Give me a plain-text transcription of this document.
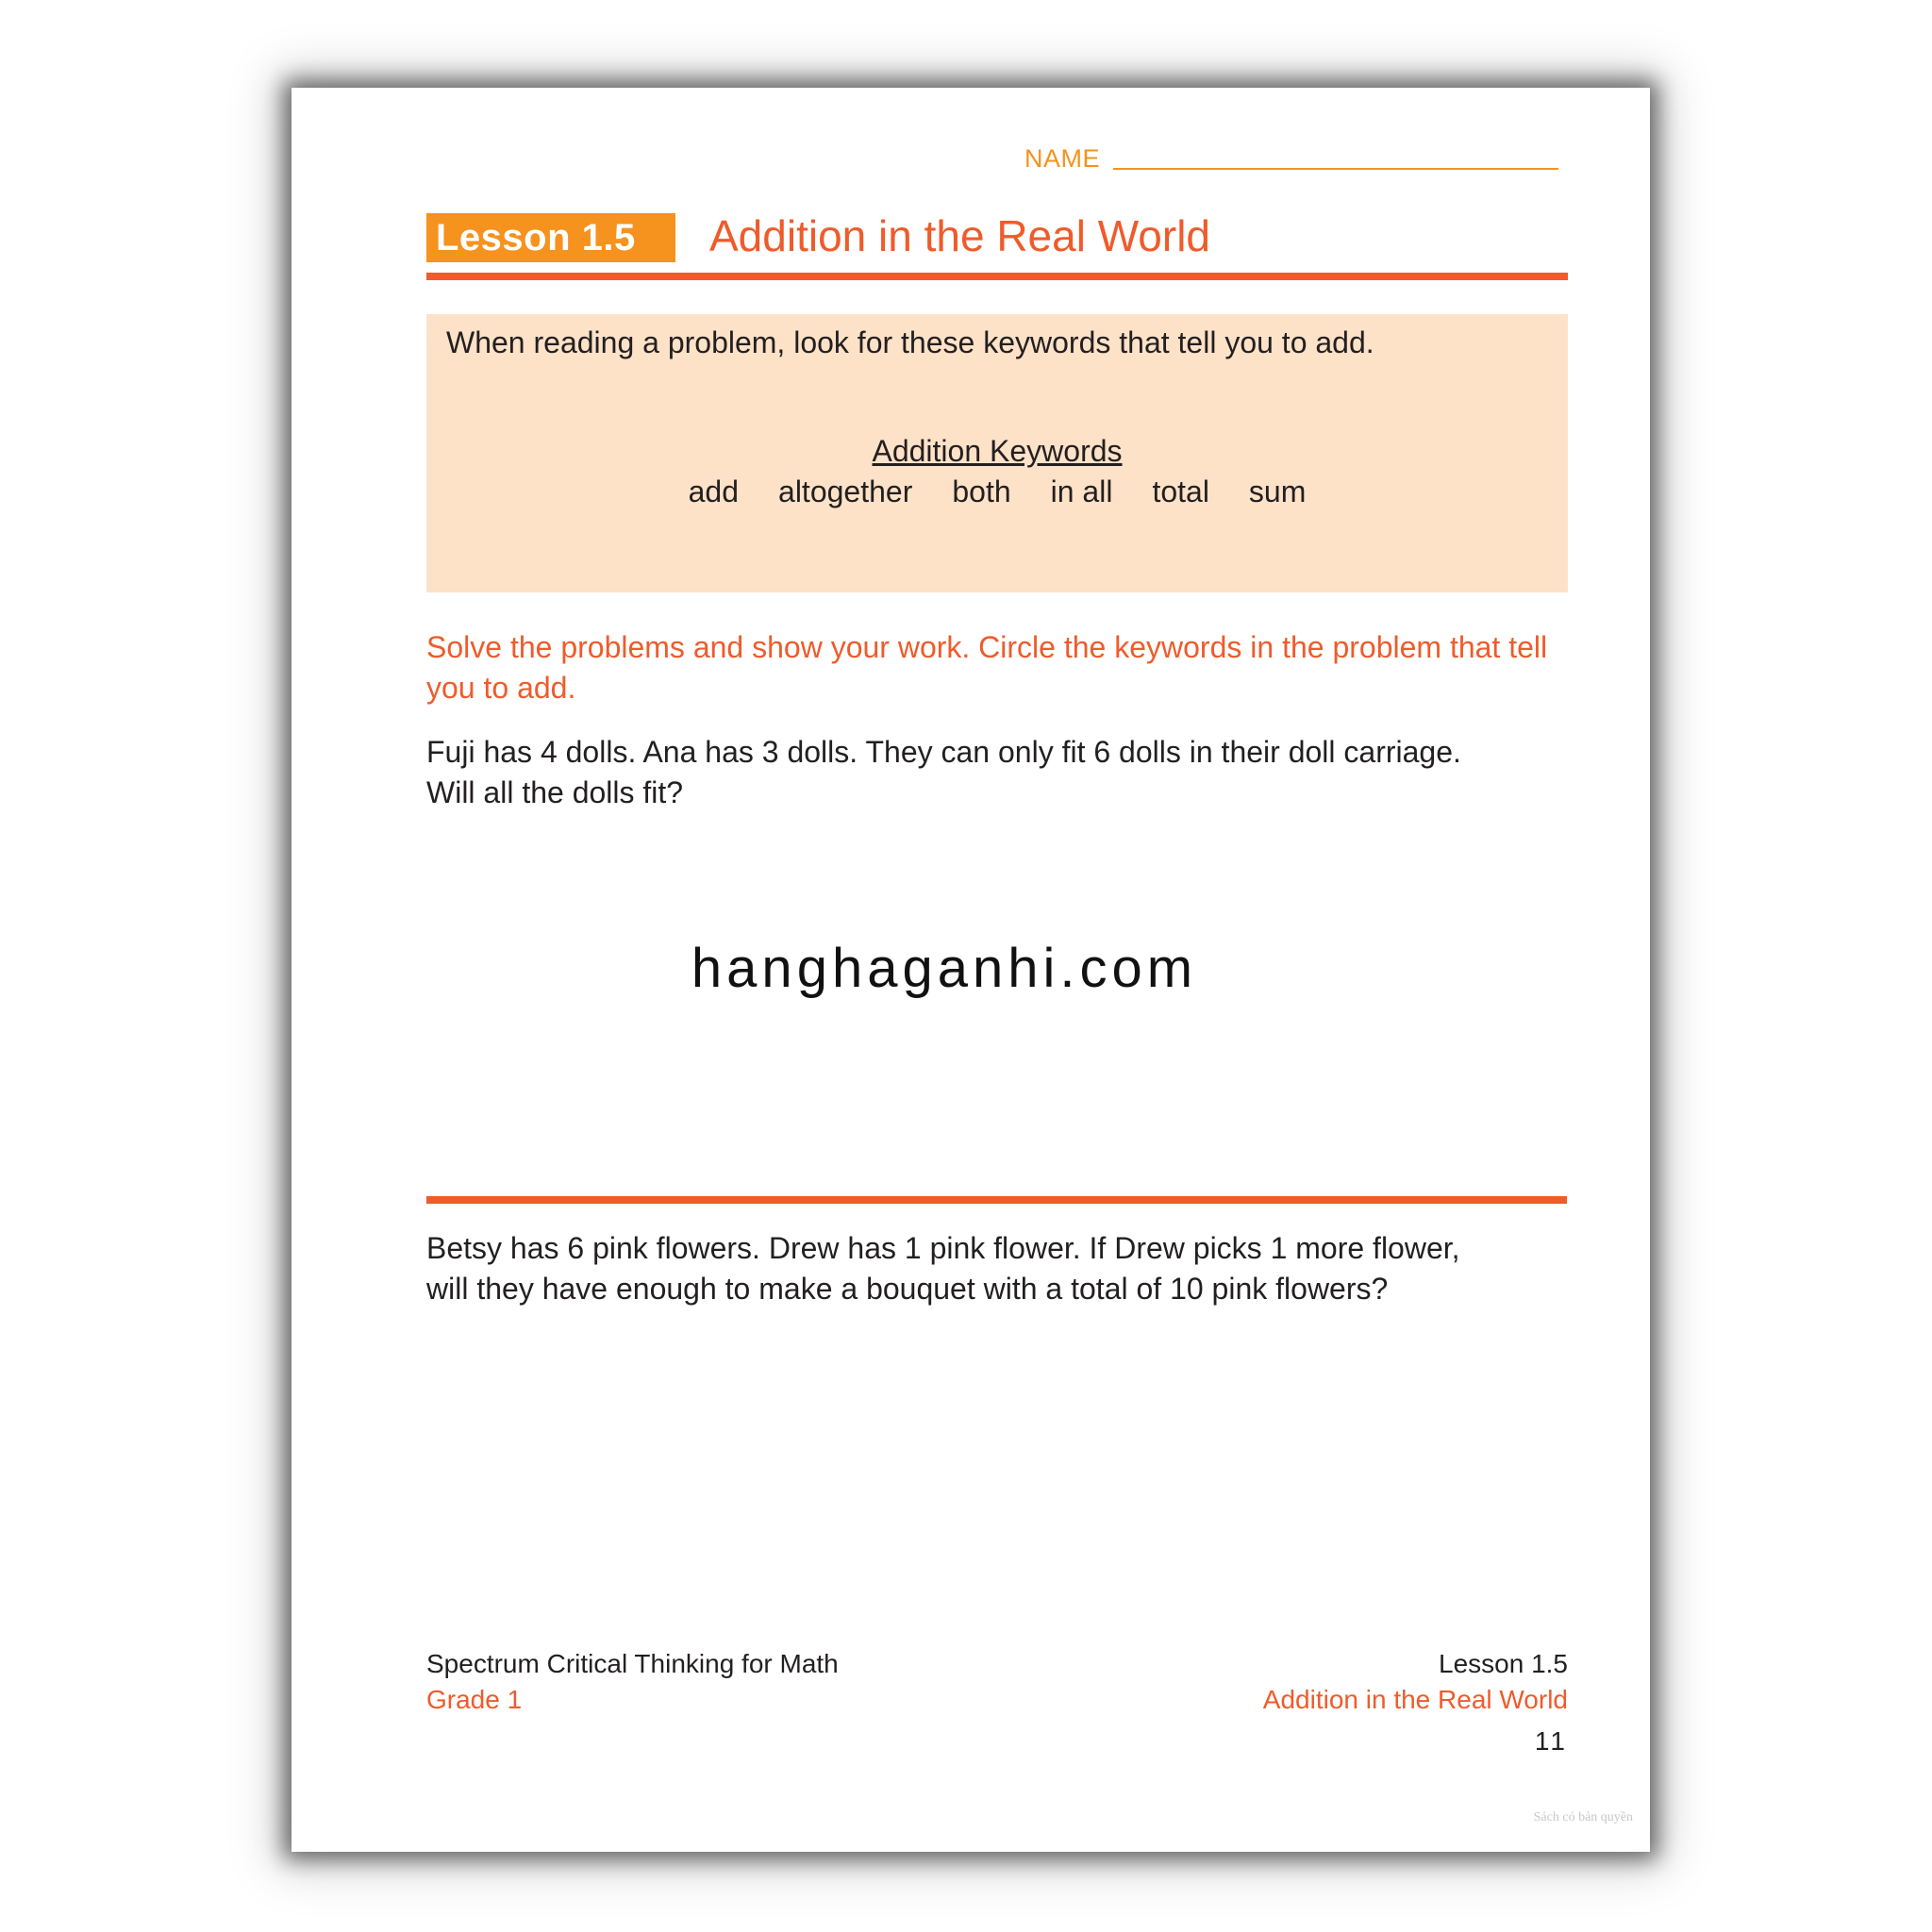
NAME
Lesson 1.5	Addition in the Real World
When reading a problem, look for these keywords that tell you to add.
Addition Keywords
add altogether both in all total sum
Solve the problems and show your work. Circle the keywords in the problem that tell you to add.
Fuji has 4 dolls. Ana has 3 dolls. They can only fit 6 dolls in their doll carriage.
Will all the dolls fit?
hanghaganhi.com
Betsy has 6 pink flowers. Drew has 1 pink flower. If Drew picks 1 more flower,
will they have enough to make a bouquet with a total of 10 pink flowers?
Spectrum Critical Thinking for Math
Grade 1
Lesson 1.5
Addition in the Real World
11
Sách có bản quyền
